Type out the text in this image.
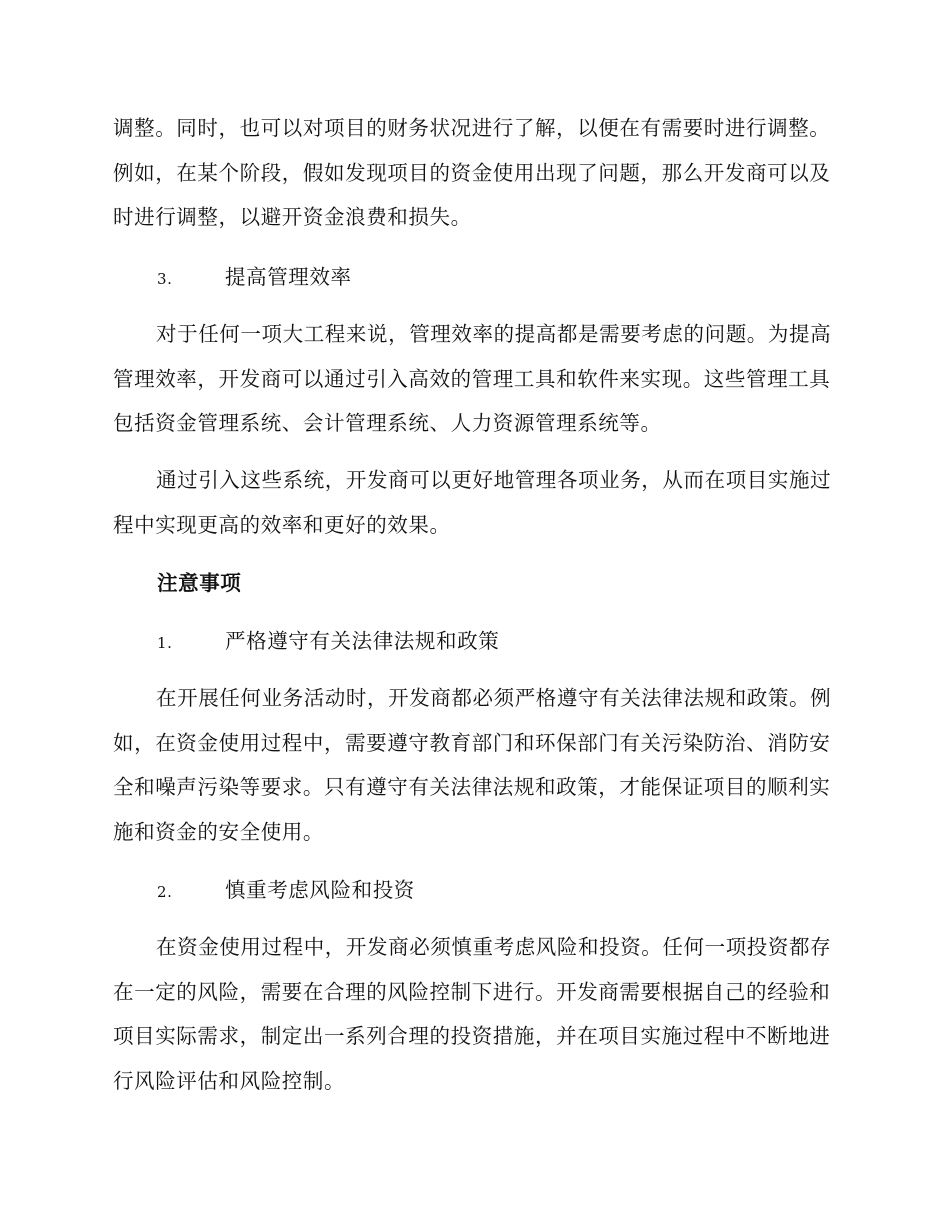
调整。同时，也可以对项目的财务状况进行了解，以便在有需要时进行调整。例如，在某个阶段，假如发现项目的资金使用出现了问题，那么开发商可以及时进行调整，以避开资金浪费和损失。

3.	提高管理效率

对于任何一项大工程来说，管理效率的提高都是需要考虑的问题。为提高管理效率，开发商可以通过引入高效的管理工具和软件来实现。这些管理工具包括资金管理系统、会计管理系统、人力资源管理系统等。

通过引入这些系统，开发商可以更好地管理各项业务，从而在项目实施过程中实现更高的效率和更好的效果。

注意事项
1.	严格遵守有关法律法规和政策

在开展任何业务活动时，开发商都必须严格遵守有关法律法规和政策。例如，在资金使用过程中，需要遵守教育部门和环保部门有关污染防治、消防安全和噪声污染等要求。只有遵守有关法律法规和政策，才能保证项目的顺利实施和资金的安全使用。

2.	慎重考虑风险和投资

在资金使用过程中，开发商必须慎重考虑风险和投资。任何一项投资都存在一定的风险，需要在合理的风险控制下进行。开发商需要根据自己的经验和项目实际需求，制定出一系列合理的投资措施，并在项目实施过程中不断地进行风险评估和风险控制。
